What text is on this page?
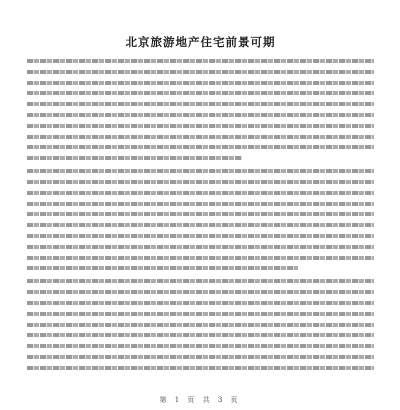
北京旅游地产住宅前景可期
第 1 页 共 3 页
